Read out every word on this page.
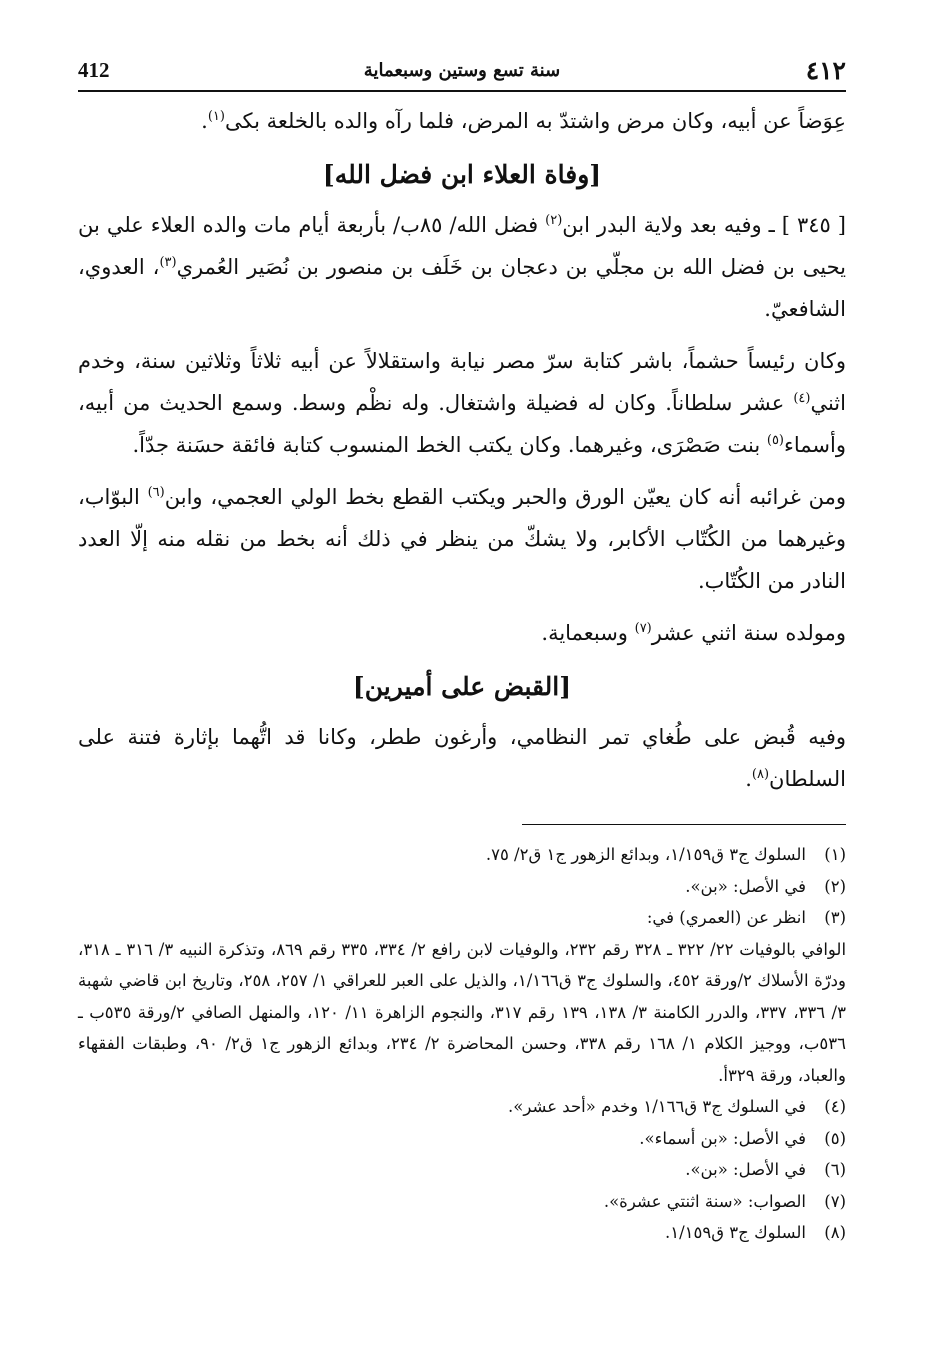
٤١٢
سنة تسع وستين وسبعماية
412

عِوَضاً عن أبيه، وكان مرض واشتدّ به المرض، فلما رآه والده بالخلعة بكى$^{(١)}$.

[وفاة العلاء ابن فضل الله]

[ ٣٤٥ ] ـ وفيه بعد ولاية البدر ابن$^{(٢)}$ فضل الله/ ٨٥ب/ بأربعة أيام مات والده العلاء علي بن يحيى بن فضل الله بن مجلّي بن دعجان بن خَلَف بن منصور بن نُصَير العُمري$^{(٣)}$، العدوي، الشافعيّ.

وكان رئيساً حشماً، باشر كتابة سرّ مصر نيابة واستقلالاً عن أبيه ثلاثاً وثلاثين سنة، وخدم اثني$^{(٤)}$ عشر سلطاناً. وكان له فضيلة واشتغال. وله نظْم وسط. وسمع الحديث من أبيه، وأسماء$^{(٥)}$ بنت صَصْرَى، وغيرهما. وكان يكتب الخط المنسوب كتابة فائقة حسَنة جدّاً.

ومن غرائبه أنه كان يعيّن الورق والحبر ويكتب القطع بخط الولي العجمي، وابن$^{(٦)}$ البوّاب، وغيرهما من الكُتّاب الأكابر، ولا يشكّ من ينظر في ذلك أنه بخط من نقله منه إلّا العدد النادر من الكُتّاب.

ومولده سنة اثني عشر$^{(٧)}$ وسبعماية.

[القبض على أميرين]

وفيه قُبض على طُغاي تمر النظامي، وأرغون ططر، وكانا قد اتُّهما بإثارة فتنة على السلطان$^{(٨)}$.

(١)
السلوك ج٣ ق١/١٥٩، وبدائع الزهور ج١ ق٢/ ٧٥.
(٢)
في الأصل: «بن».
(٣)
انظر عن (العمري) في:

الوافي بالوفيات ٢٢/ ٣٢٢ ـ ٣٢٨ رقم ٢٣٢، والوفيات لابن رافع ٢/ ٣٣٤، ٣٣٥ رقم ٨٦٩، وتذكرة النبيه ٣/ ٣١٦ ـ ٣١٨، ودرّة الأسلاك ٢/ورقة ٤٥٢، والسلوك ج٣ ق١/١٦٦، والذيل على العبر للعراقي ١/ ٢٥٧، ٢٥٨، وتاريخ ابن قاضي شهبة ٣/ ٣٣٦، ٣٣٧، والدرر الكامنة ٣/ ١٣٨، ١٣٩ رقم ٣١٧، والنجوم الزاهرة ١١/ ١٢٠، والمنهل الصافي ٢/ورقة ٥٣٥ب ـ ٥٣٦ب، ووجيز الكلام ١/ ١٦٨ رقم ٣٣٨، وحسن المحاضرة ٢/ ٢٣٤، وبدائع الزهور ج١ ق٢/ ٩٠، وطبقات الفقهاء والعباد، ورقة ٣٢٩أ.

(٤)
في السلوك ج٣ ق١/١٦٦ وخدم «أحد عشر».
(٥)
في الأصل: «بن أسماء».
(٦)
في الأصل: «بن».
(٧)
الصواب: «سنة اثنتي عشرة».
(٨)
السلوك ج٣ ق١/١٥٩.
